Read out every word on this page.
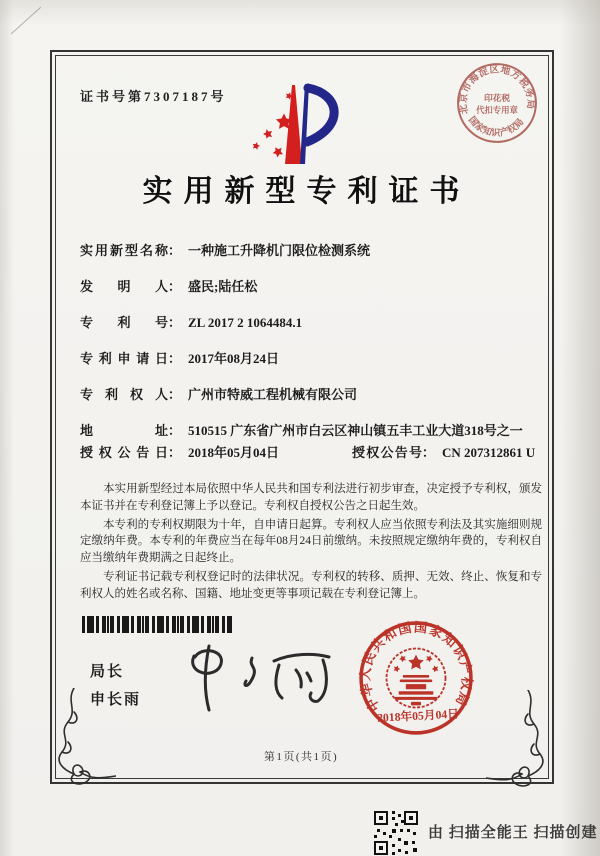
证书号第7307187号
实用新型专利证书
实用新型名称 ： 一种施工升降机门限位检测系统
发明人 ： 盛民;陆任松
专利号 ： ZL 2017 2 1064484.1
专利申请日 ： 2017年08月24日
专利权人 ： 广州市特威工程机械有限公司
地址 ： 510515 广东省广州市白云区神山镇五丰工业大道318号之一
授权公告日 ： 2018年05月04日	授权公告号 ： CN 207312861 U

本实用新型经过本局依照中华人民共和国专利法进行初步审查，决定授予专利权，颁发本证书并在专利登记簿上予以登记。专利权自授权公告之日起生效。

本专利的专利权期限为十年，自申请日起算。专利权人应当依照专利法及其实施细则规定缴纳年费。本专利的年费应当在每年08月24日前缴纳。未按照规定缴纳年费的，专利权自应当缴纳年费期满之日起终止。

专利证书记载专利权登记时的法律状况。专利权的转移、质押、无效、终止、恢复和专利权人的姓名或名称、国籍、地址变更等事项记载在专利登记簿上。

局长
申长雨	中华人民共和国国家知识产权局
2018年05月04日
北京市海淀区地方税务局
国家知识产权局
印花税
代扣专用章
第1页(共1页)
由 扫描全能王 扫描创建
